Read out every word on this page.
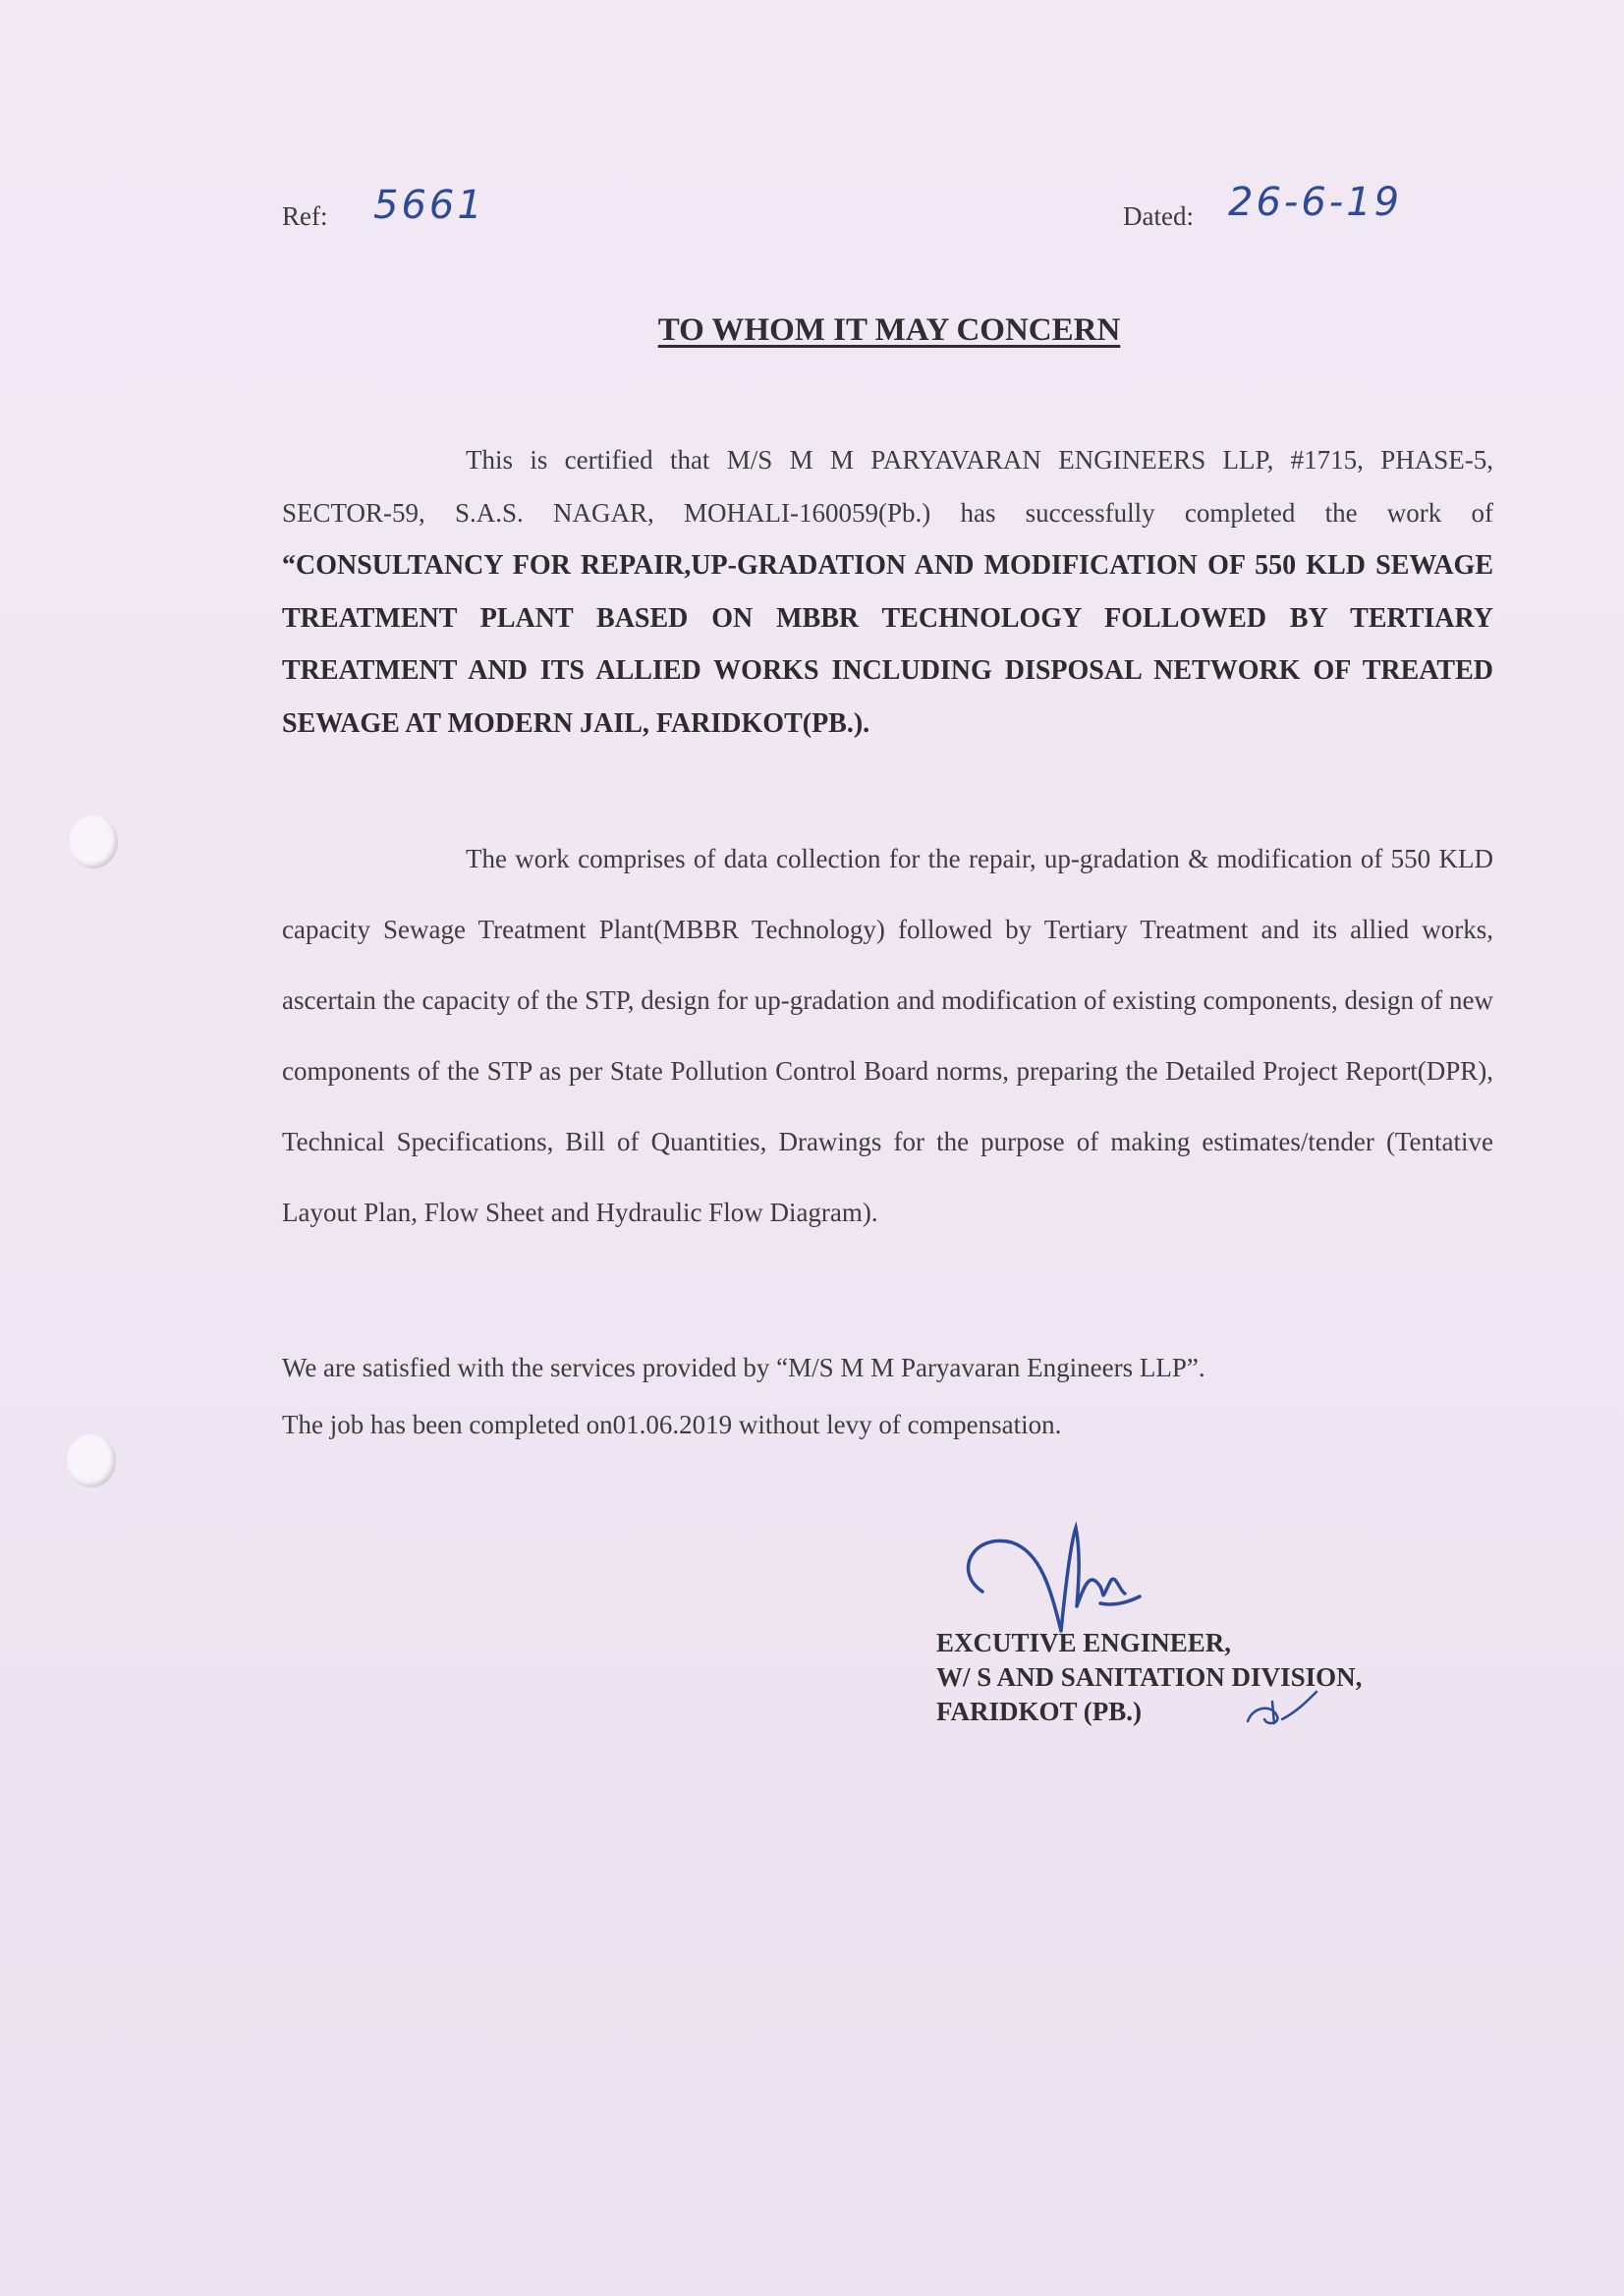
Ref: 5661	Dated: 26-6-19
TO WHOM IT MAY CONCERN
This is certified that M/S M M PARYAVARAN ENGINEERS LLP, #1715, PHASE-5, SECTOR-59, S.A.S. NAGAR, MOHALI-160059(Pb.) has successfully completed the work of “CONSULTANCY FOR REPAIR,UP-GRADATION AND MODIFICATION OF 550 KLD SEWAGE TREATMENT PLANT BASED ON MBBR TECHNOLOGY FOLLOWED BY TERTIARY TREATMENT AND ITS ALLIED WORKS INCLUDING DISPOSAL NETWORK OF TREATED SEWAGE AT MODERN JAIL, FARIDKOT(PB.).
The work comprises of data collection for the repair, up-gradation & modification of 550 KLD capacity Sewage Treatment Plant(MBBR Technology) followed by Tertiary Treatment and its allied works, ascertain the capacity of the STP, design for up-gradation and modification of existing components, design of new components of the STP as per State Pollution Control Board norms, preparing the Detailed Project Report(DPR), Technical Specifications, Bill of Quantities, Drawings for the purpose of making estimates/tender (Tentative Layout Plan, Flow Sheet and Hydraulic Flow Diagram).
We are satisfied with the services provided by “M/S M M Paryavaran Engineers LLP”.
The job has been completed on01.06.2019 without levy of compensation.
EXCUTIVE ENGINEER,
W/ S AND SANITATION DIVISION,
FARIDKOT (PB.)
